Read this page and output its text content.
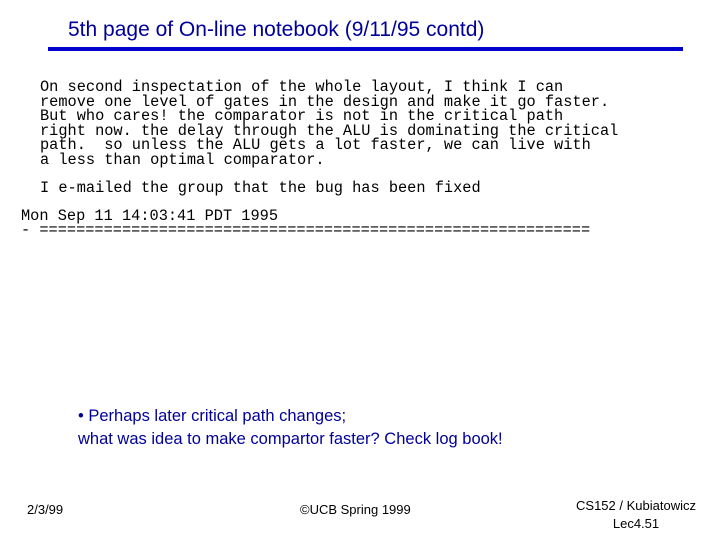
5th page of On-line notebook (9/11/95 contd)
On second inspectation of the whole layout, I think I can
remove one level of gates in the design and make it go faster.
But who cares! the comparator is not in the critical path
right now. the delay through the ALU is dominating the critical
path.  so unless the ALU gets a lot faster, we can live with
a less than optimal comparator.
I e-mailed the group that the bug has been fixed
Mon Sep 11 14:03:41 PDT 1995
- ============================================================
• Perhaps later critical path changes;
what was idea to make compartor faster? Check log book!
2/3/99	©UCB Spring 1999	CS152 / Kubiatowicz
Lec4.51
